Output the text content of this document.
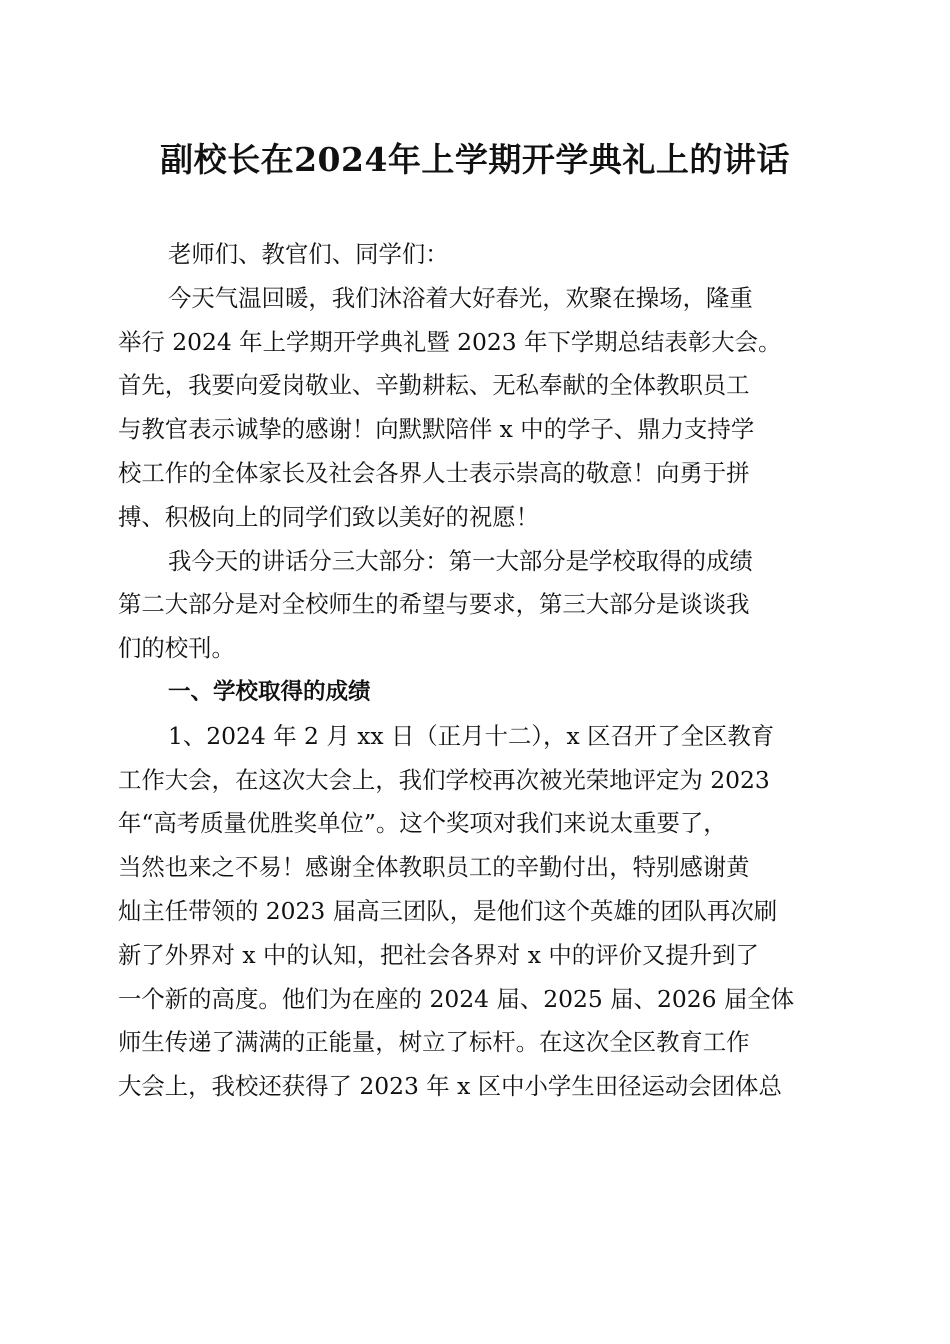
副校长在2024年上学期开学典礼上的讲话
老师们、教官们、同学们：
今天气温回暖，我们沐浴着大好春光，欢聚在操场，隆重
举行 2024 年上学期开学典礼暨 2023 年下学期总结表彰大会。
首先，我要向爱岗敬业、辛勤耕耘、无私奉献的全体教职员工
与教官表示诚挚的感谢！向默默陪伴 x 中的学子、鼎力支持学
校工作的全体家长及社会各界人士表示崇高的敬意！向勇于拼
搏、积极向上的同学们致以美好的祝愿！
我今天的讲话分三大部分：第一大部分是学校取得的成绩
第二大部分是对全校师生的希望与要求，第三大部分是谈谈我
们的校刊。
一、学校取得的成绩
1、2024 年 2 月 xx 日（正月十二），x 区召开了全区教育
工作大会，在这次大会上，我们学校再次被光荣地评定为 2023
年“高考质量优胜奖单位”。这个奖项对我们来说太重要了，
当然也来之不易！感谢全体教职员工的辛勤付出，特别感谢黄
灿主任带领的 2023 届高三团队，是他们这个英雄的团队再次刷
新了外界对 x 中的认知，把社会各界对 x 中的评价又提升到了
一个新的高度。他们为在座的 2024 届、2025 届、2026 届全体
师生传递了满满的正能量，树立了标杆。在这次全区教育工作
大会上，我校还获得了 2023 年 x 区中小学生田径运动会团体总
